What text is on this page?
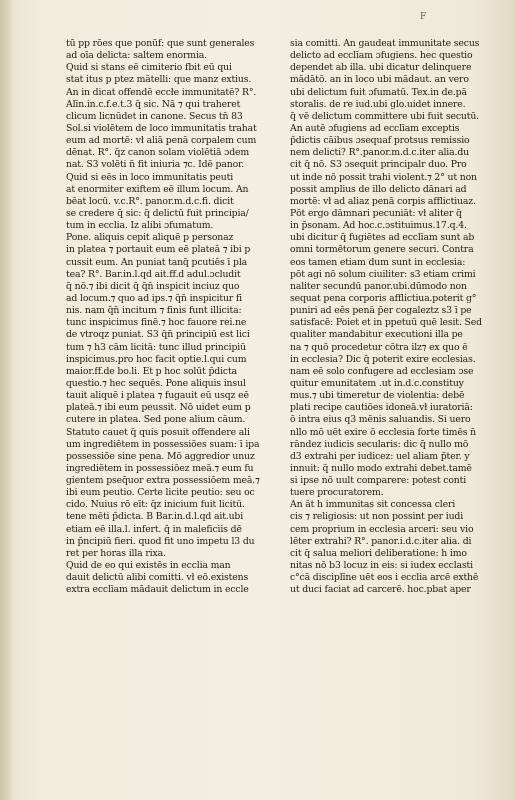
F
tū pp rōes que ponūf: que sunt generales
ad oīa delicta: saltem enormia.
Quid si stans eē cimiterio fbit eū qui
stat itus p ptez mātelli: que manz extius.
An in dicat offendē eccłe immunitatē? R°.
Alīn.in.c.f.e.t.3 q̄ sic. Nā ⁊ qui traheret
clicum licnūdet in canone. Secus tn̄ 83
Sol.si violētem de loco immunitatis trahat
eum ad mortē: vł aliā penā corpalem cum
dēnat. R°. q̄z canon solam violētiā ɔdem
nat. S3 volēti n̄ fit iniuria ⁊c. Idē panor.
Quid si eēs in loco immunitatis peuti
at enormiter exiftem eē illum locum. An
bēat locū. v.c.R°. panor.m.d.c.fi. dicit
se credere q̄ sic: q̄ delictū fuit principia/
tum in ecclia. Iz alibi ɔfumatum.
Pone. aliquis cepit aliquē p personaz
in platea ⁊ portauit eum eē plateā ⁊ ibi p
cussit eum. An puniat tanq̄ pcutiēs ī pla
tea? R°. Bar.in.l.qd ait.ff.d adul.ɔcludit
q̄ nō.⁊ ibi dicit q̄ q̄n̄ inspicit inciuz quo
ad locum.⁊ quo ad ips.⁊ q̄n̄ inspicitur fi
nis. nam q̄n̄ incitum ⁊ finis funt illicita:
tunc inspicimus finē.⁊ hoc fauore rei.ne
de vtroqz puniat. S3 q̄n̄ principiū est lici
tum ⁊ h3 cām licitā: tunc illud principiū
inspicimus.pro hoc facit optie.l.qui cum
maior.ff.de bo.li. Et p hoc solūt p̄dicta
questio.⁊ hec sequēs. Pone aliquis insul
tauit aliquē i platea ⁊ fugauit eū usqz eē
plateā.⁊ ibi eum peussit. Nō uidet eum p
cutere in platea. Sed pone alium cāum.
Statuto cauet q̄ quis posuit offendere ali
um ingrediētem in possessiōes suam: ī ipa
possessiōe sine pena. Mō aggredior unuz
ingrediētem in possessiōez meā.⁊ eum fu
gientem pseq̄uor extra possessiōem meā.⁊
ibi eum peutio. Certe licite peutio: seu oc
cido. Nuius rō eīt: q̄z inicium fuit licitū.
tene mēti p̄dicta. B Bar.in.d.l.qd ait.ubi
etiam eē illa.l. infert. q̄ in maleficiis dē
in p̄ncipiū fieri. quod fit uno impetu l3 du
ret per horas illa rixa.
Quid de eo qui existēs in ecclia man
dauit delictū alibi comitti. vł eō.existens
extra ecclīam mādauit delictum in eccle
sia comitti. An gaudeat immunitate secus
delicto ad ecclīam ɔfugiens. hec questio
dependet ab illa. ubi dicatur delinquere
mādātō. an in loco ubi mādaut. an vero
ubi delictum fuit ɔfumatū. Tex.in de.pā
storalis. de re iud.ubi glo.uidet innere.
q̄ vē delictum committere ubi fuit secutū.
An autē ɔfugiens ad ecclīam exceptis
p̄dictis cāibus ɔsequaf protsus remissio
nem delicti? R°.panor.m.d.c.iter alia.du
cit q̄ nō. S3 ɔsequit principalr duo. Pro
ut inde nō possit trahi violent.⁊ 2° ut non
possit amplius de illo delicto dānari ad
mortē: vł ad aliaz penā corpis afflictiuaz.
Pōt ergo dāmnari pecuniāt: vł aliter q̄
in p̄sonam. Ad hoc.c.ɔstituimus.17.q.4.
ubi dicitur q̄ fugiētes ad ecclīam sunt ab
omni tormētorum genere securi. Contra
eos tamen etiam dum sunt in ecclesia:
pōt agi nō solum ciuiliter: s3 etiam crimi
naliter secundū panor.ubi.dūmodo non
sequat pena corporis afflictiua.poterit g°
puniri ad eēs penā p̄er cogaleztz s3 ī pe
satisfacē: Poiet et in ppetuū quē lesit. Sed
qualiter mandabitur executioni illa pe
na ⁊ quō procedetur cōtra ilz⁊ ex quo ē
in ecclesia? Dic q̄ poterit exire ecclesias.
nam eē solo confugere ad ecclesiam ɔse
quitur emunitatem .ut in.d.c.constituy
mus.⁊ ubi timeretur de violentia: debē
plati recipe cautiōes idoneā.vł iuratoriā:
ō intra eius q3 mēnis saluandis. Si uero
nllo mō uēt exire ō ecclesia forte timēs n̄
rāndez iudicis secularis: dic q̄ nullo mō
d3 extrahi per iudicez: uel aliam p̄ter. y
innuit: q̄ nullo modo extrahi debet.tamē
si ipse nō uult comparere: potest conti
tuere procuratorem.
An āt h immunitas sit concessa cleri
cis ⁊ religiosis: ut non possint per iudi
cem proprium in ecclesia arceri: seu vio
lēter extrahi? R°. panor.i.d.c.iter alia. di
cit q̄ salua meliori deliberatione: h imo
nitas nō b3 locuz in eis: si iudex ecclasti
c°cā disciplīne uēt eos i ecclia arcē exthē
ut duci faciat ad carcerē. hoc.pbat aper
